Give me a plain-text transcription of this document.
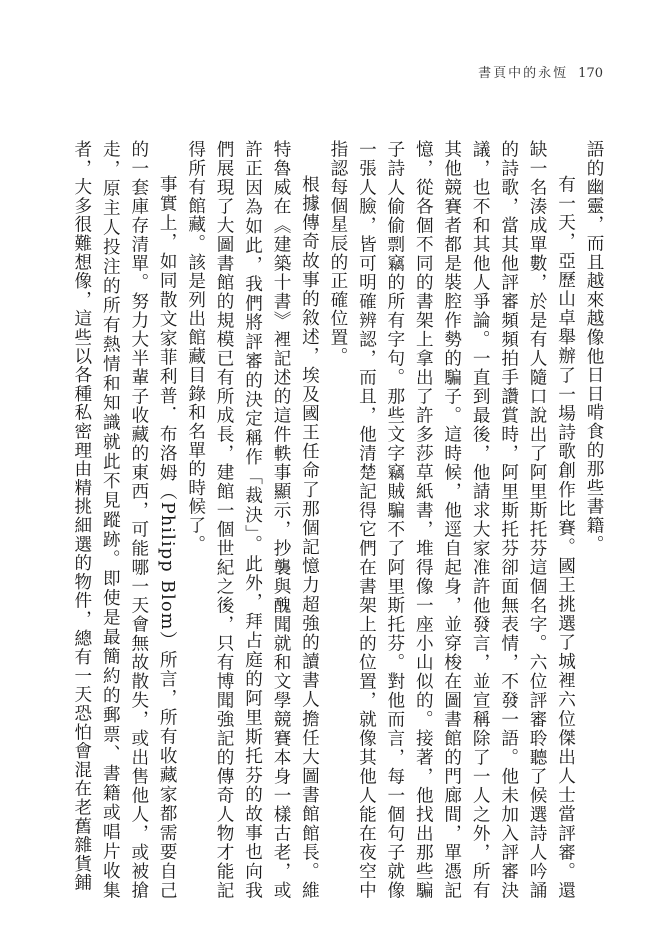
書頁中的永恆 170

語的幽靈，而且越來越像他日日啃食的那些書籍。

有一天，亞歷山卓舉辦了一場詩歌創作比賽。國王挑選了城裡六位傑出人士當評審。還缺一名湊成單數，於是有人隨口說出了阿里斯托芬這個名字。六位評審聆聽了候選詩人吟誦的詩歌，當其他評審頻頻拍手讚賞時，阿里斯托芬卻面無表情，不發一語。他未加入評審決議，也不和其他人爭論。一直到最後，他請求大家准許他發言，並宣稱除了一人之外，所有其他競賽者都是裝腔作勢的騙子。這時候，他逕自起身，並穿梭在圖書館的門廊間，單憑記憶，從各個不同的書架上拿出了許多莎草紙書，堆得像一座小山似的。接著，他找出那些騙子詩人偷偷剽竊的所有字句。那些文字竊賊騙不了阿里斯托芬。對他而言，每一個句子就像一張人臉，皆可明確辨認，而且，他清楚記得它們在書架上的位置，就像其他人能在夜空中指認每個星辰的正確位置。

根據傳奇故事的敘述，埃及國王任命了那個記憶力超強的讀書人擔任大圖書館館長。維特魯威在《建築十書》裡記述的這件軼事顯示，抄襲與醜聞就和文學競賽本身一樣古老，或許正因為如此，我們將評審的決定稱作「裁決」。此外，拜占庭的阿里斯托芬的故事也向我們展現了大圖書館的規模已有所成長，建館一個世紀之後，只有博聞強記的傳奇人物才能記得所有館藏。該是列出館藏目錄和名單的時候了。

事實上，如同散文家菲利普．布洛姆（Philipp Blom）所言，所有收藏家都需要自己的一套庫存清單。努力大半輩子收藏的東西，可能哪一天會無故散失，或出售他人，或被搶走，原主人投注的所有熱情和知識就此不見蹤跡。即使是最簡約的郵票、書籍或唱片收集者，大多很難想像，這些以各種私密理由精挑細選的物件，總有一天恐怕會混在老舊雜貨鋪
